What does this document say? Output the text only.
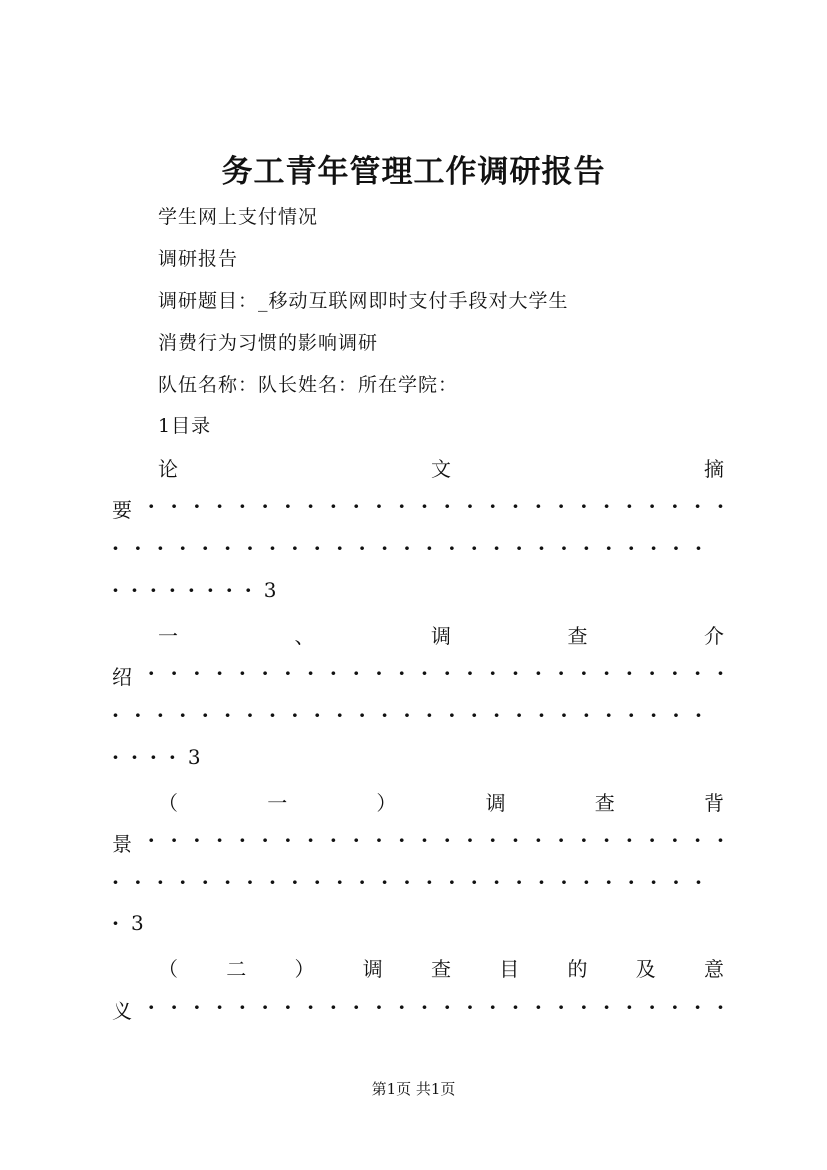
务工青年管理工作调研报告
学生网上支付情况
调研报告
调研题目：_移动互联网即时支付手段对大学生
消费行为习惯的影响调研
队伍名称：队长姓名：所在学院：
1目录
论	文	摘
要 · · · · · · · · · · · · · · · · · · · · · · · · · ·
· · · · · · · · · · · · · · · · · · · · · · · · · · ·
········3
一	、	调	查	介
绍 · · · · · · · · · · · · · · · · · · · · · · · · · ·
· · · · · · · · · · · · · · · · · · · · · · · · · · ·
····3
（	一	）	调	查	背
景 · · · · · · · · · · · · · · · · · · · · · · · · · ·
· · · · · · · · · · · · · · · · · · · · · · · · · · ·
·3
（ 二 ） 调 查 目 的 及 意
义 · · · · · · · · · · · · · · · · · · · · · · · · · ·
第1页 共1页
